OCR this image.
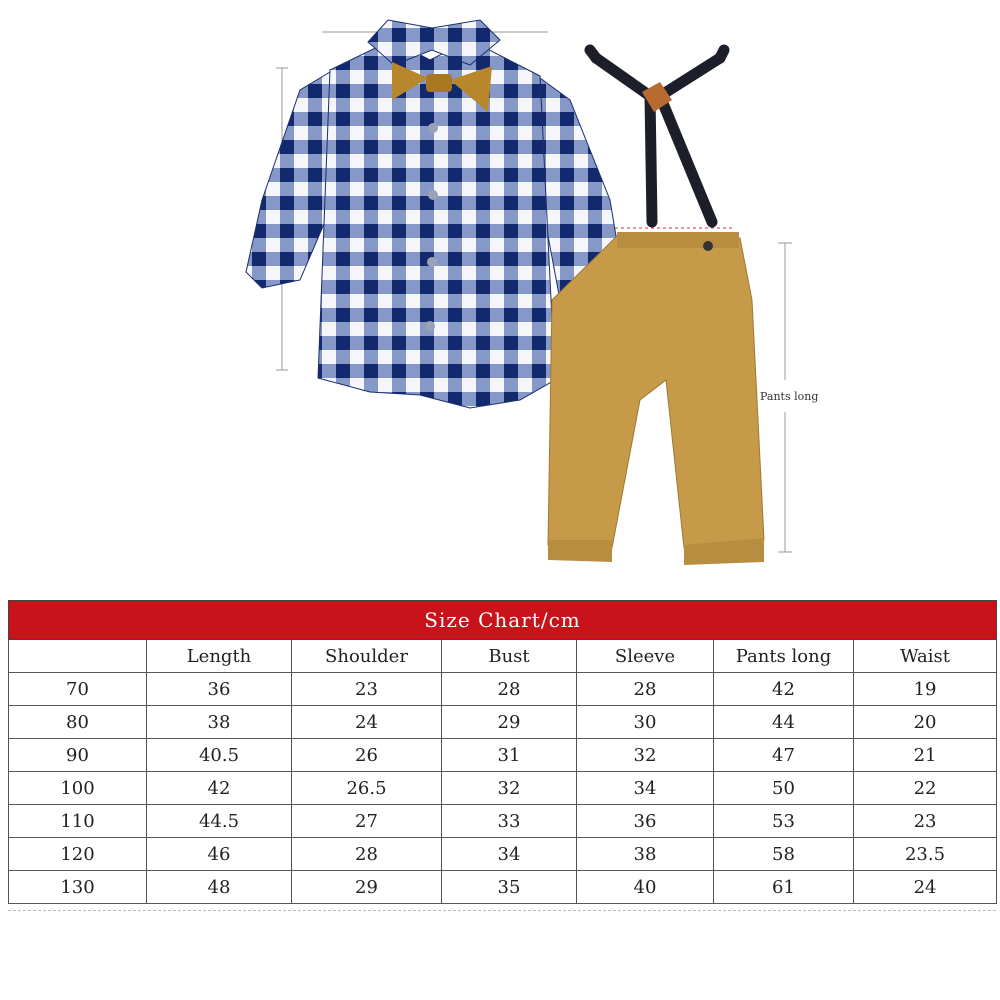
Pants long
Size Chart/cm						
	Length	Shoulder	Bust	Sleeve	Pants long	Waist
70	36	23	28	28	42	19
80	38	24	29	30	44	20
90	40.5	26	31	32	47	21
100	42	26.5	32	34	50	22
110	44.5	27	33	36	53	23
120	46	28	34	38	58	23.5
130	48	29	35	40	61	24
